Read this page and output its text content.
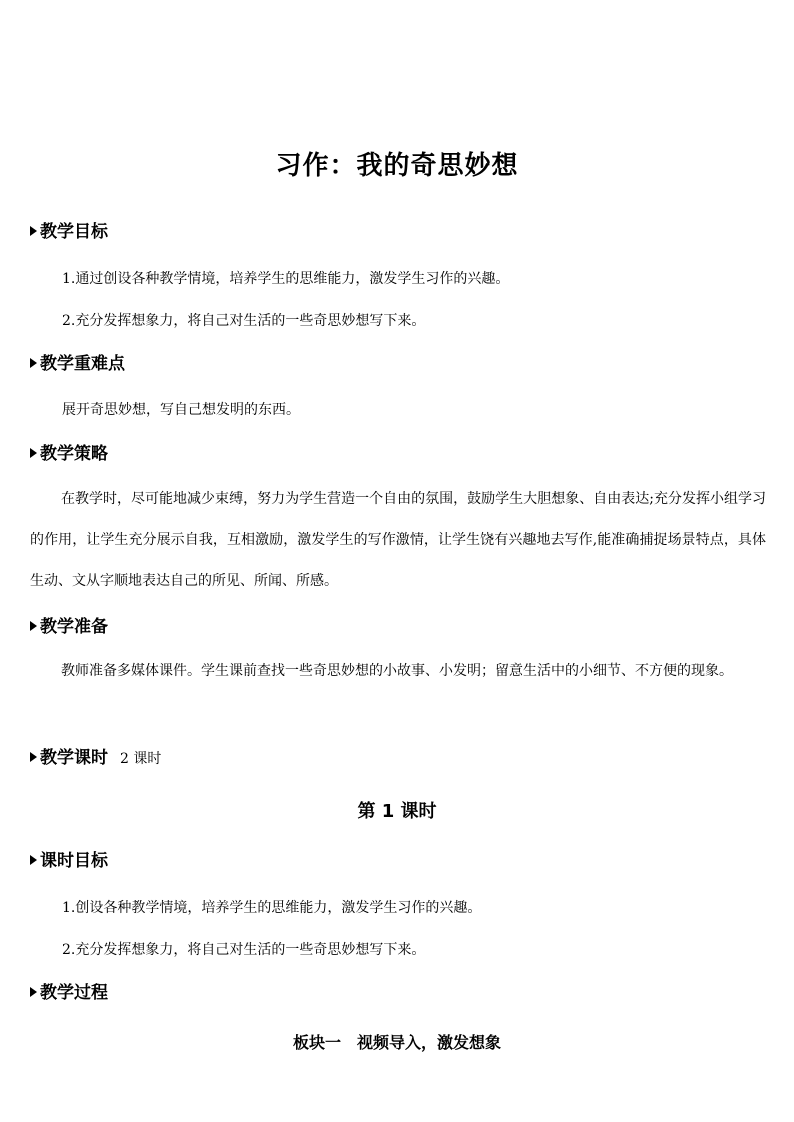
习作：我的奇思妙想
教学目标
1.通过创设各种教学情境，培养学生的思维能力，激发学生习作的兴趣。
2.充分发挥想象力，将自己对生活的一些奇思妙想写下来。
教学重难点
展开奇思妙想，写自己想发明的东西。
教学策略
在教学时，尽可能地减少束缚，努力为学生营造一个自由的氛围，鼓励学生大胆想象、自由表达;充分发挥小组学习的作用，让学生充分展示自我，互相激励，激发学生的写作激情，让学生饶有兴趣地去写作,能准确捕捉场景特点，具体生动、文从字顺地表达自己的所见、所闻、所感。
教学准备
教师准备多媒体课件。学生课前查找一些奇思妙想的小故事、小发明；留意生活中的小细节、不方便的现象。
教学课时 2 课时
第 1 课时
课时目标
1.创设各种教学情境，培养学生的思维能力，激发学生习作的兴趣。
2.充分发挥想象力，将自己对生活的一些奇思妙想写下来。
教学过程
板块一　视频导入，激发想象
